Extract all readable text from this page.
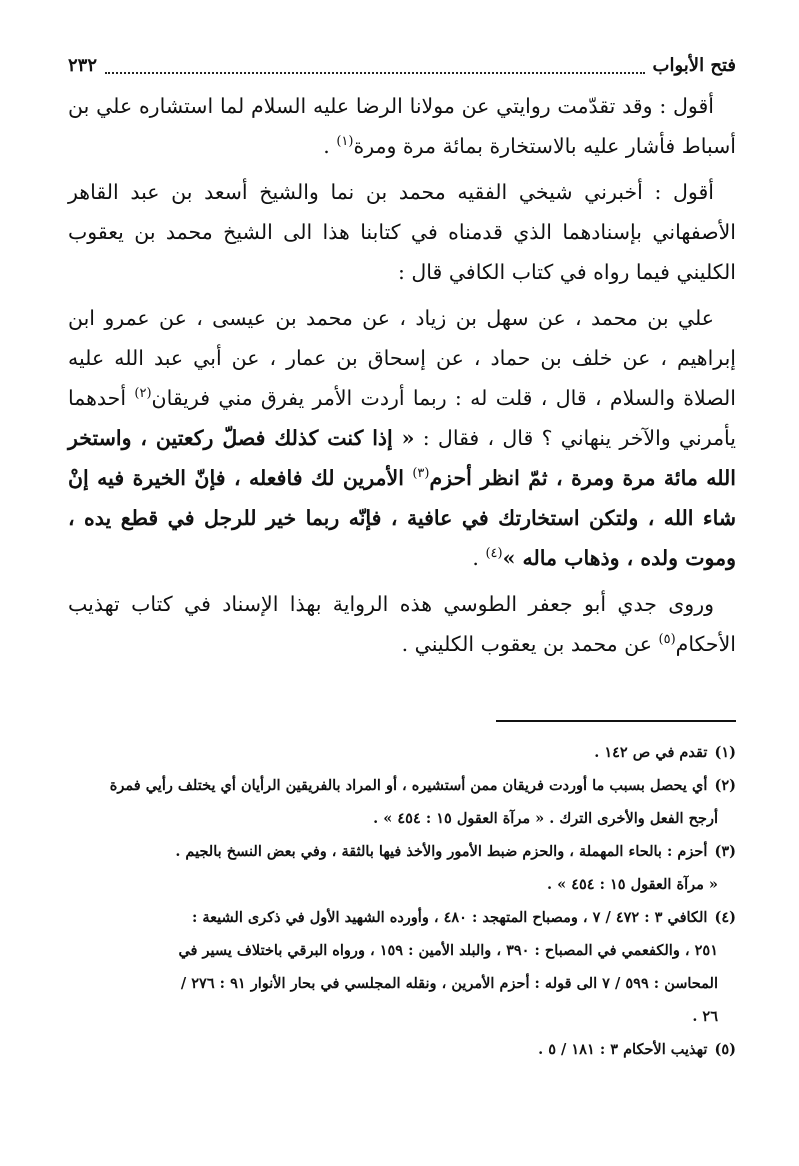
فتح الأبواب
٢٣٢
أقول : وقد تقدّمت روايتي عن مولانا الرضا عليه السلام لما استشاره علي بن أسباط فأشار عليه بالاستخارة بمائة مرة ومرة$^{(١)}$ .
أقول : أخبرني شيخي الفقيه محمد بن نما والشيخ أسعد بن عبد القاهر الأصفهاني بإسنادهما الذي قدمناه في كتابنا هذا الى الشيخ محمد بن يعقوب الكليني فيما رواه في كتاب الكافي قال :
علي بن محمد ، عن سهل بن زياد ، عن محمد بن عيسى ، عن عمرو ابن إبراهيم ، عن خلف بن حماد ، عن إسحاق بن عمار ، عن أبي عبد الله عليه الصلاة والسلام ، قال ، قلت له : ربما أردت الأمر يفرق مني فريقان$^{(٢)}$ أحدهما يأمرني والآخر ينهاني ؟ قال ، فقال : « إذا كنت كذلك فصلّ ركعتين ، واستخر الله مائة مرة ومرة ، ثمّ انظر أحزم$^{(٣)}$ الأمرين لك فافعله ، فإنّ الخيرة فيه إنْ شاء الله ، ولتكن استخارتك في عافية ، فإنّه ربما خير للرجل في قطع يده ، وموت ولده ، وذهاب ماله »$^{(٤)}$ .
وروى جدي أبو جعفر الطوسي هذه الرواية بهذا الإسناد في كتاب تهذيب الأحكام$^{(٥)}$ عن محمد بن يعقوب الكليني .

(١) تقدم في ص ١٤٢ .

(٢) أي يحصل بسبب ما أوردت فريقان ممن أستشيره ، أو المراد بالفريقين الرأيان أي يختلف رأيي فمرة
أرجح الفعل والأخرى الترك . « مرآة العقول ١٥ : ٤٥٤ » .

(٣) أحزم : بالحاء المهملة ، والحزم ضبط الأمور والأخذ فيها بالثقة ، وفي بعض النسخ بالجيم .
« مرآة العقول ١٥ : ٤٥٤ » .

(٤) الكافي ٣ : ٤٧٢ / ٧ ، ومصباح المتهجد : ٤٨٠ ، وأورده الشهيد الأول في ذكرى الشيعة :
٢٥١ ، والكفعمي في المصباح : ٣٩٠ ، والبلد الأمين : ١٥٩ ، ورواه البرقي باختلاف يسير في
المحاسن : ٥٩٩ / ٧ الى قوله : أحزم الأمرين ، ونقله المجلسي في بحار الأنوار ٩١ : ٢٧٦ /
٢٦ .

(٥) تهذيب الأحكام ٣ : ١٨١ / ٥ .
